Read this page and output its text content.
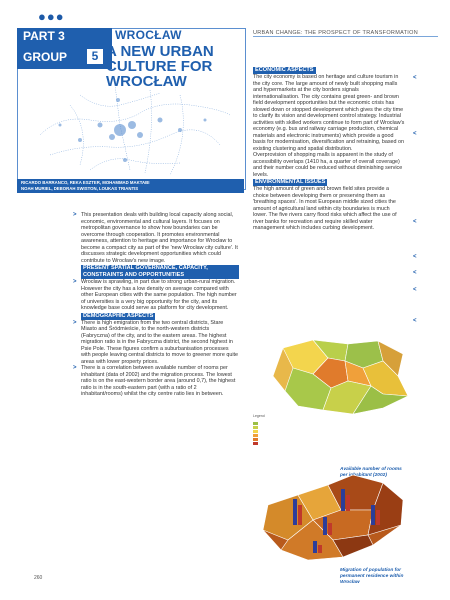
●●●
PART 3
GROUP	5
WROCŁAW
A NEW URBAN CULTURE FOR WROCŁAW
URBAN CHANGE: THE PROSPECT OF TRANSFORMATION
RICARDO BARRANCO, REKA ESZTER, MOHAMMAD MAKTABI
NOAH MURIEL, DEBORAH SWISTON, LOUKAS TRIANTIS
> This presentation deals with building local capacity along social, economic, environmental and cultural layers. It focuses on metropolitan governance to show how boundaries can be overcome through cooperation. It promotes environmental awareness, attention to heritage and importance for Wrocław to become a compact city as part of the 'new Wrocław city culture'. It discusses strategic development opportunities which could contribute to Wrocław's new image.

PRESENT SPATIAL GOVERNANCE, CAPACITY, CONSTRAINTS AND OPPORTUNITIES
> Wrocław is sprawling, in part due to strong urban-rural migration. However the city has a low density on average compared with other European cities with the same population. The high number of universities is a very big opportunity for the city, and its knowledge base could serve as platform for city development.

DEMOGRAPHIC ASPECTS
> There is high emigration from the two central districts, Stare Miasto and Śródmieście, to the north-western districts (Fabryczna) of the city, and to the eastern areas. The highest migration ratio is in the Fabryczna district, the second highest in Psie Pole. These figures confirm a suburbanisation processes with people leaving central districts to move to greener more quite areas with lower property prices.

> There is a correlation between available number of rooms per inhabitant (data of 2002) and the migration process. The lowest ratio is on the east-western border area (around 0,7), the highest ratio is in the south-eastern part (with a ratio of 2 inhabitant/rooms) whilst the city centre ratio lies in between.

ECONOMIC ASPECTS

The city economy is based on heritage and culture tourism in the city core. The large amount of newly built shopping malls and hypermarkets at the city borders signals internationalisation. The city contains great green- and brown field development opportunities but the economic crisis has slowed down or stopped development which gives the city time to clarify its vision and development control strategy. Industrial activities with skilled workers continue to form part of Wrocław's economy (e.g. bus and railway carriage production, chemical materials and electronic instruments) which provide a good basis for modernisation, diversification and retraining, based on existing clustering and spatial distribution.

Overprovision of shopping malls is apparent in the study of accessibility overlaps (1410 ha, a quarter of overall coverage) and their number could be reduced without diminishing service levels.

ENVIRONMENTAL ISSUES

The high amount of green and brown field sites provide a choice between developing them or preserving them as 'breathing spaces'. In most European middle sized cities the amount of agricultural land within city boundaries is much lower. The five rivers carry flood risks which affect the use of river banks for recreation and require skilled water management which includes curbing development.

<
<
<
<
<
<
<
Legend
Available number of rooms per inhabitant (2002)
Migration of population for permanent residence within Wrocław
260
